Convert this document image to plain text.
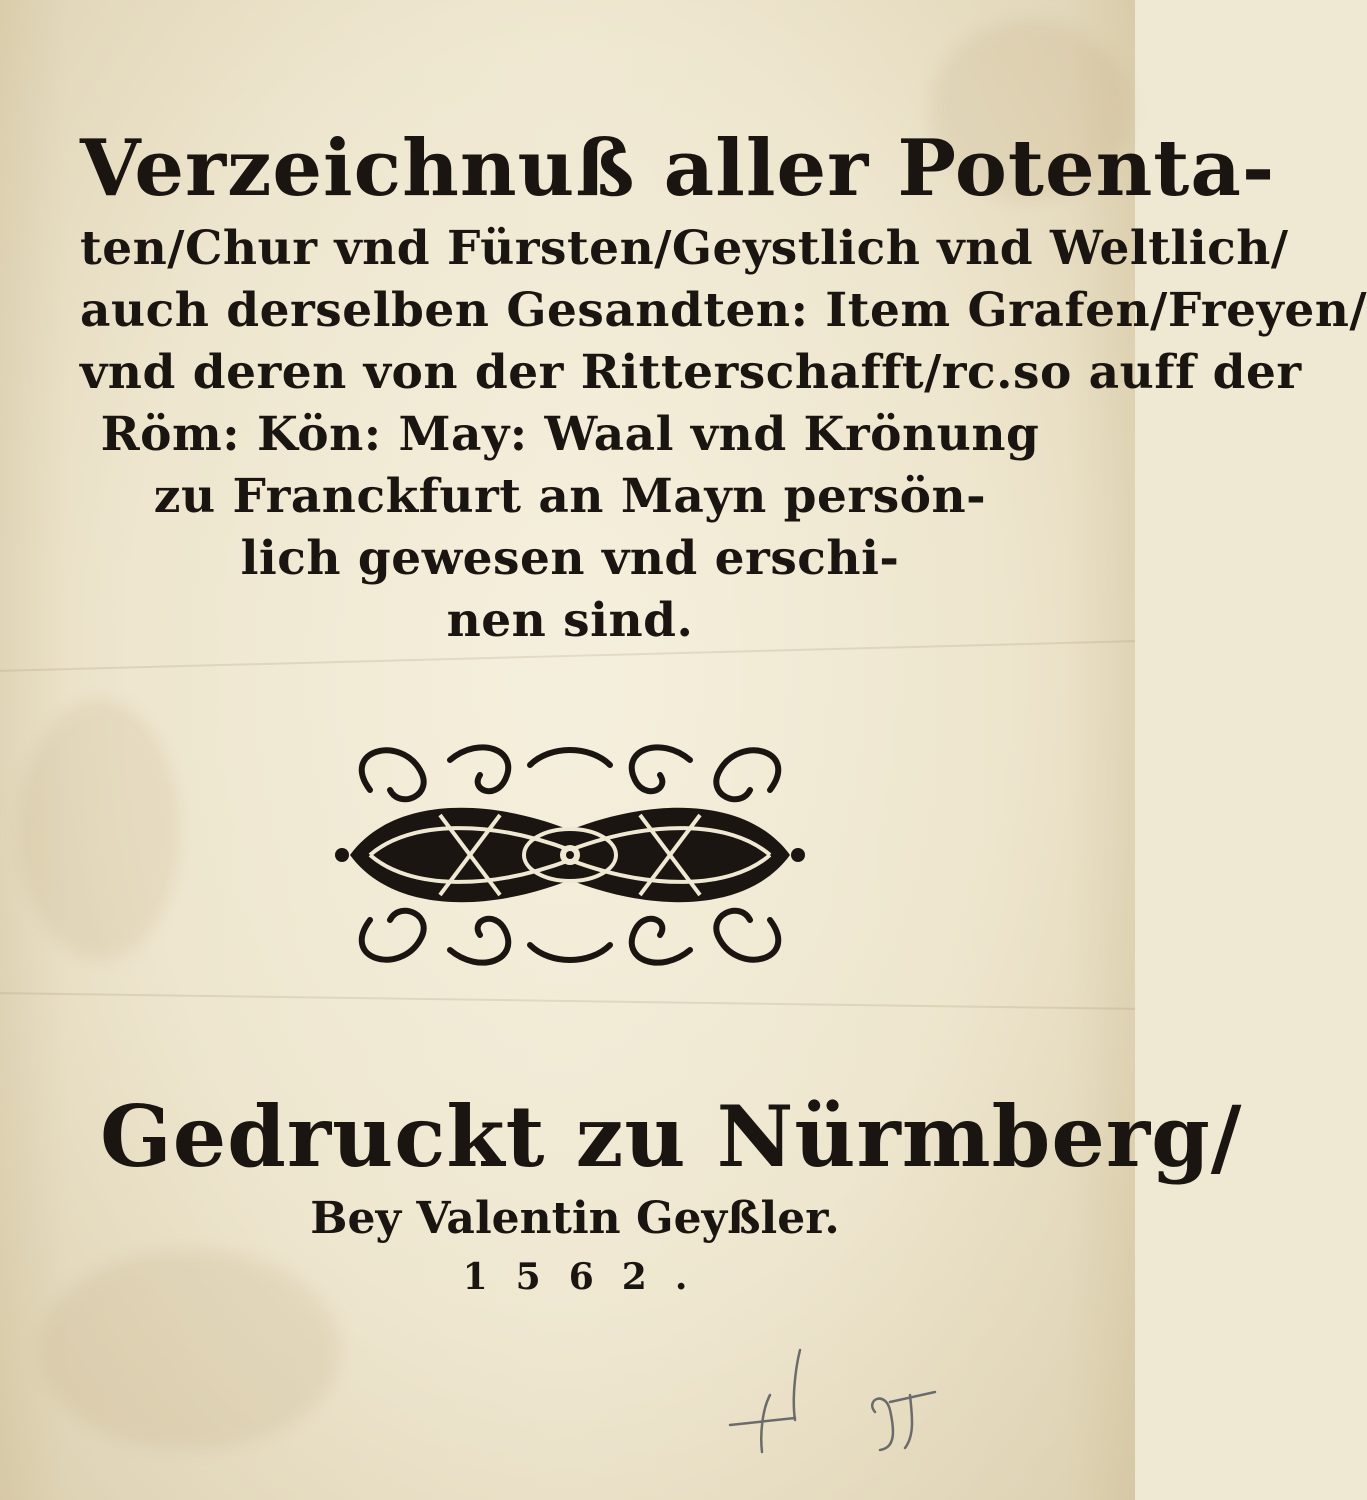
Verzeichnuß aller Potenta-
ten/Chur vnd Fürsten/Geystlich vnd Weltlich/
auch derselben Gesandten: Item Grafen/Freyen/
vnd deren von der Ritterschafft/rc.so auff der
Röm: Kön: May: Waal vnd Krönung
zu Franckfurt an Mayn persön-
lich gewesen vnd erschi-
nen sind.
Gedruckt zu Nürmberg/
Bey Valentin Geyßler.
1562.
